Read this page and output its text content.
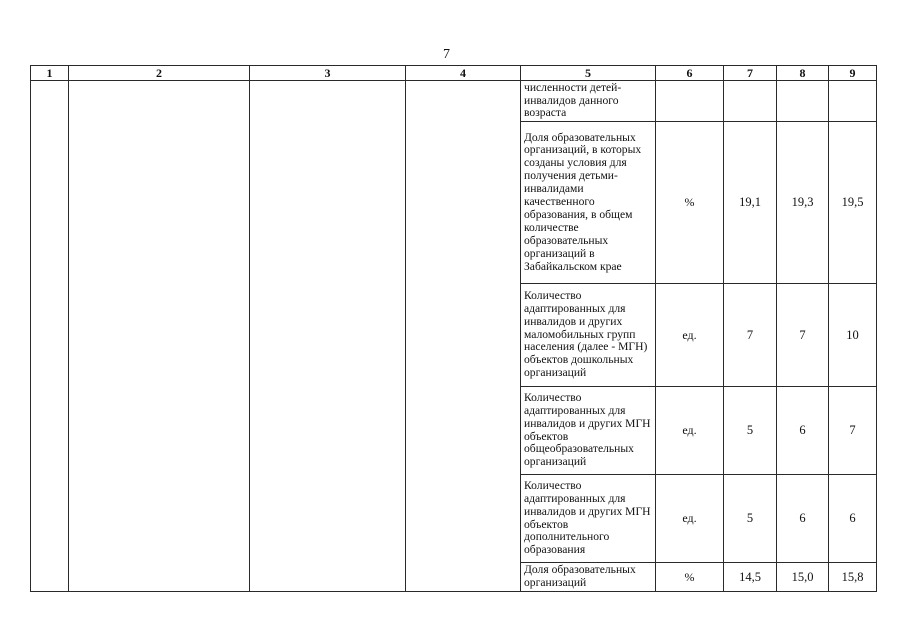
7
1	2	3	4	5	6	7	8	9
				численности детей-инвалидов данного возраста				
				Доля образовательных организаций, в которых созданы условия для получения детьми-инвалидами качественного образования, в общем количестве образовательных организаций в Забайкальском крае	%	19,1	19,3	19,5
				Количество адаптированных для инвалидов и других маломобильных групп населения (далее - МГН) объектов дошкольных организаций	ед.	7	7	10
				Количество адаптированных для инвалидов и других МГН объектов общеобразовательных организаций	ед.	5	6	7
				Количество адаптированных для инвалидов и других МГН объектов дополнительного образования	ед.	5	6	6
				Доля образовательных организаций	%	14,5	15,0	15,8
